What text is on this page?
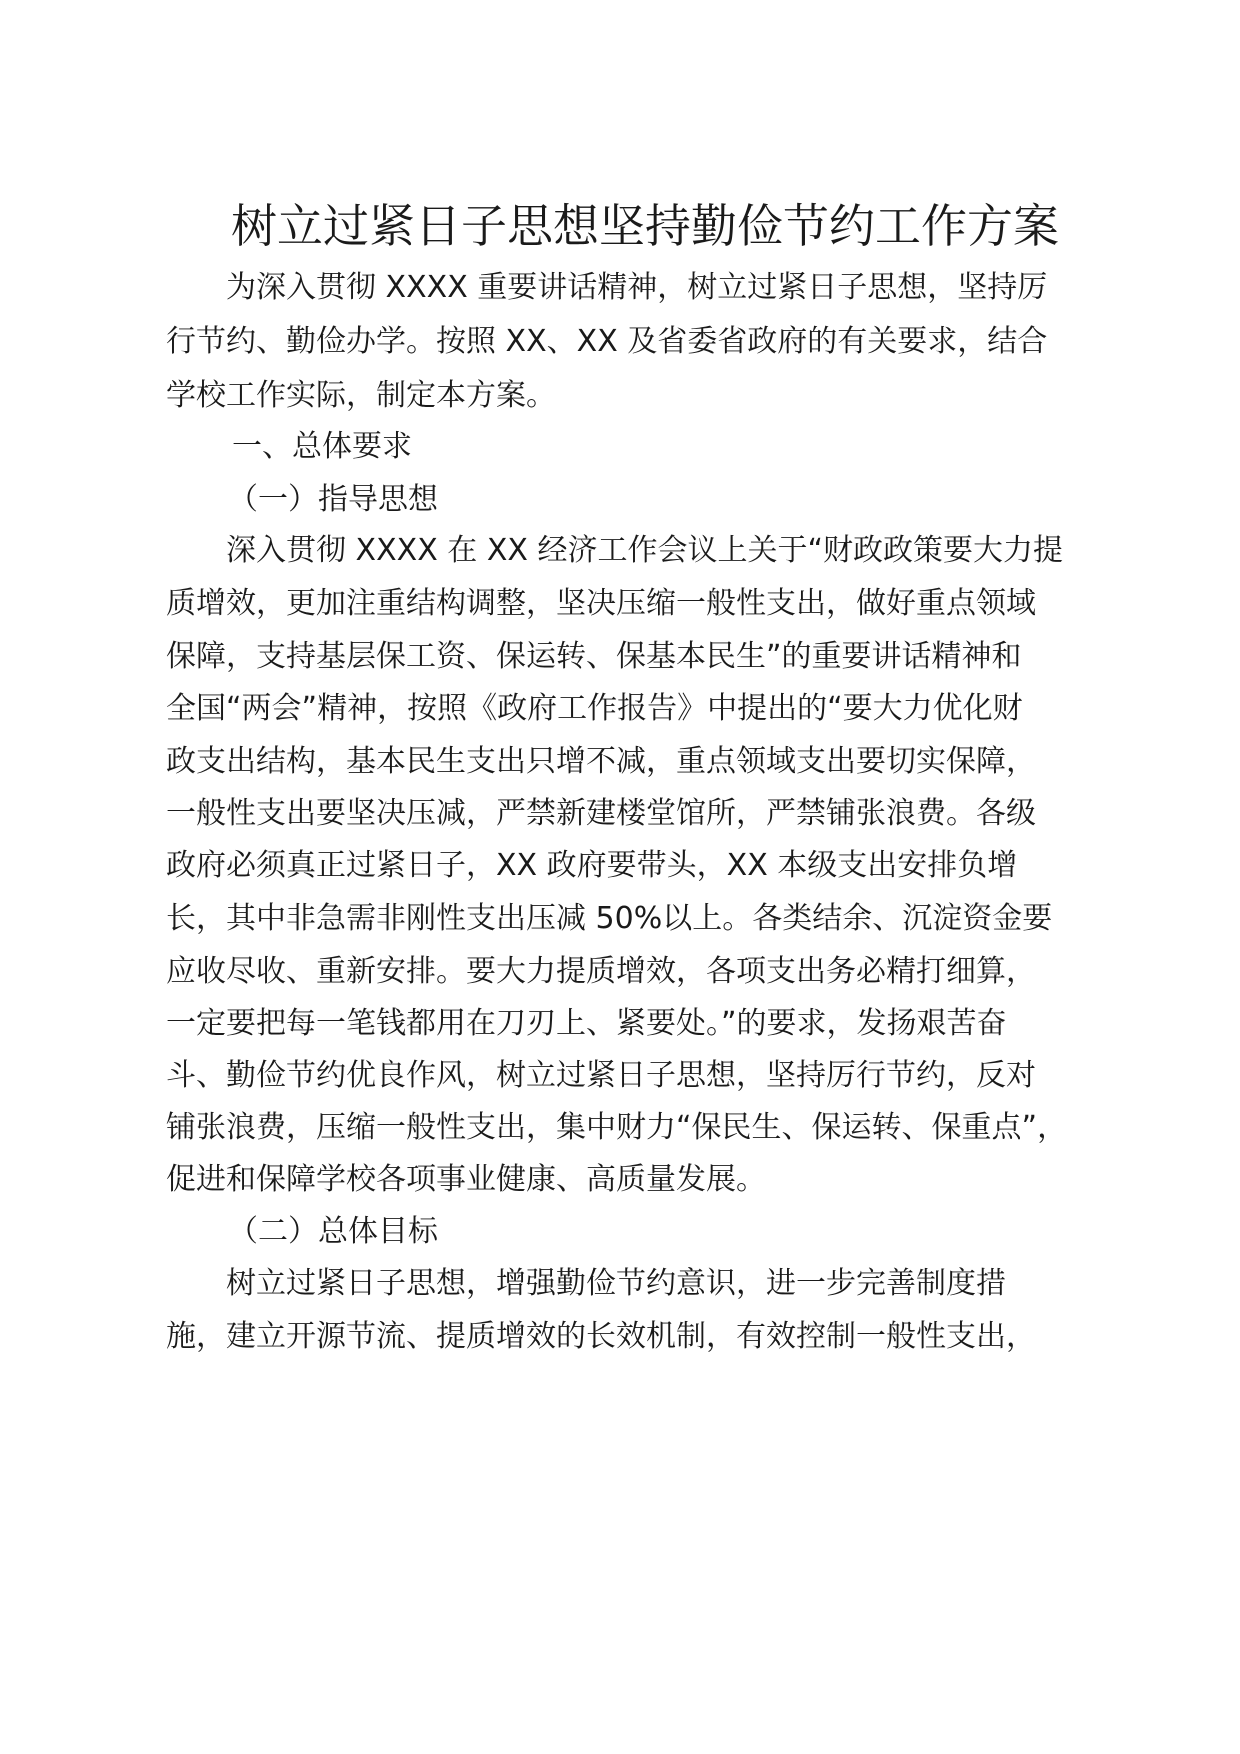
树立过紧日子思想坚持勤俭节约工作方案
为深入贯彻 XXXX 重要讲话精神，树立过紧日子思想，坚持厉
行节约、勤俭办学。按照 XX、XX 及省委省政府的有关要求，结合
学校工作实际，制定本方案。
一、总体要求
（一）指导思想
深入贯彻 XXXX 在 XX 经济工作会议上关于“财政政策要大力提
质增效，更加注重结构调整，坚决压缩一般性支出，做好重点领域
保障，支持基层保工资、保运转、保基本民生”的重要讲话精神和
全国“两会”精神，按照《政府工作报告》中提出的“要大力优化财
政支出结构，基本民生支出只增不减，重点领域支出要切实保障，
一般性支出要坚决压减，严禁新建楼堂馆所，严禁铺张浪费。各级
政府必须真正过紧日子，XX 政府要带头，XX 本级支出安排负增
长，其中非急需非刚性支出压减 50%以上。各类结余、沉淀资金要
应收尽收、重新安排。要大力提质增效，各项支出务必精打细算，
一定要把每一笔钱都用在刀刃上、紧要处。”的要求，发扬艰苦奋
斗、勤俭节约优良作风，树立过紧日子思想，坚持厉行节约，反对
铺张浪费，压缩一般性支出，集中财力“保民生、保运转、保重点”，
促进和保障学校各项事业健康、高质量发展。
（二）总体目标
树立过紧日子思想，增强勤俭节约意识，进一步完善制度措
施，建立开源节流、提质增效的长效机制，有效控制一般性支出，
